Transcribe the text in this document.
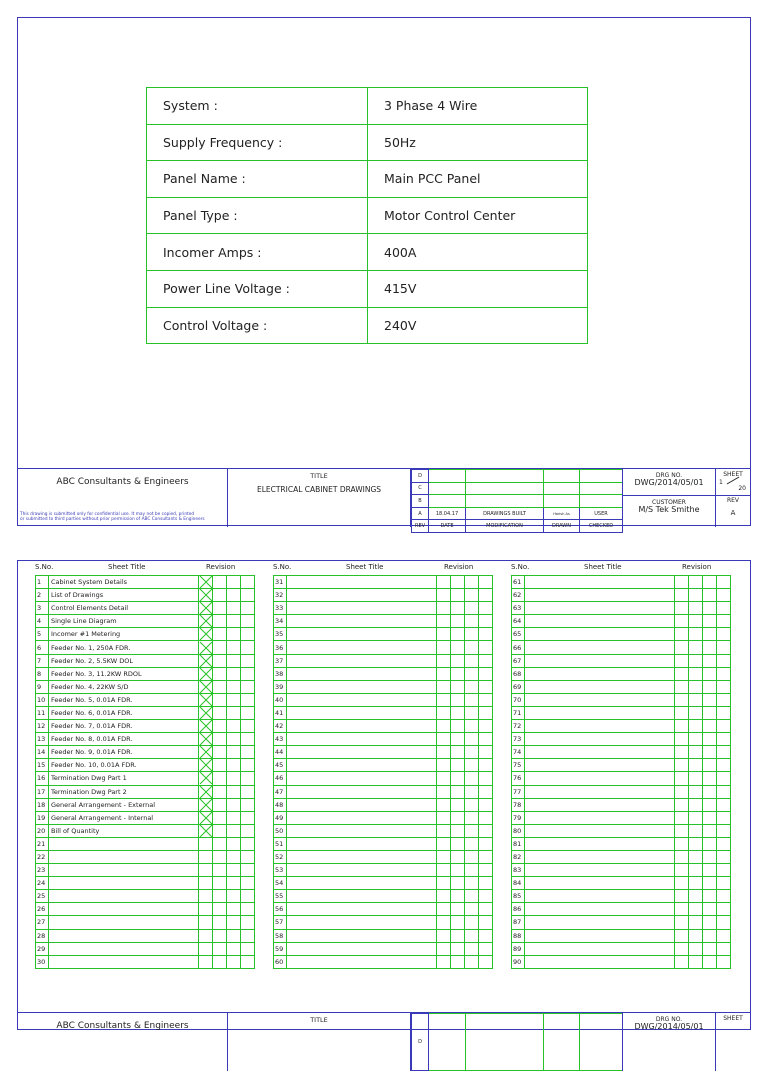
System :	3 Phase 4 Wire
Supply Frequency :	50Hz
Panel Name :	Main PCC Panel
Panel Type :	Motor Control Center
Incomer Amps :	400A
Power Line Voltage :	415V
Control Voltage :	240V
ABC Consultants & Engineers
This drawing is submitted only for confidential use. It may not be copied, printed
or submitted to third parties without prior permission of ABC Consultants & Engineers
TITLE
ELECTRICAL CABINET DRAWINGS
D				
C				
B				
A	18.04.17	DRAWINGS BUILT	Harish As	USER
REV	DATE	MODIFICATION	DRAWN	CHECKED
DRG NO.
DWG/2014/05/01
CUSTOMER
M/S Tek Smithe
SHEET
1
20
REV
A
S.No.	Sheet Title	Revision
1	Cabinet System Details				
2	List of Drawings				
3	Control Elements Detail				
4	Single Line Diagram				
5	Incomer #1 Metering				
6	Feeder No. 1, 250A FDR.				
7	Feeder No. 2, 5.5KW DOL				
8	Feeder No. 3, 11.2KW RDOL				
9	Feeder No. 4, 22KW S/D				
10	Feeder No. 5, 0.01A FDR.				
11	Feeder No. 6, 0.01A FDR.				
12	Feeder No. 7, 0.01A FDR.				
13	Feeder No. 8, 0.01A FDR.				
14	Feeder No. 9, 0.01A FDR.				
15	Feeder No. 10, 0.01A FDR.				
16	Termination Dwg Part 1				
17	Termination Dwg Part 2				
18	General Arrangement - External				
19	General Arrangement - Internal				
20	Bill of Quantity				
21					
22					
23					
24					
25					
26					
27					
28					
29					
30					
S.No.	Sheet Title	Revision
31					
32					
33					
34					
35					
36					
37					
38					
39					
40					
41					
42					
43					
44					
45					
46					
47					
48					
49					
50					
51					
52					
53					
54					
55					
56					
57					
58					
59					
60					
S.No.	Sheet Title	Revision
61					
62					
63					
64					
65					
66					
67					
68					
69					
70					
71					
72					
73					
74					
75					
76					
77					
78					
79					
80					
81					
82					
83					
84					
85					
86					
87					
88					
89					
90					
ABC Consultants & Engineers
TITLE
D				
DRG NO.
DWG/2014/05/01
SHEET
